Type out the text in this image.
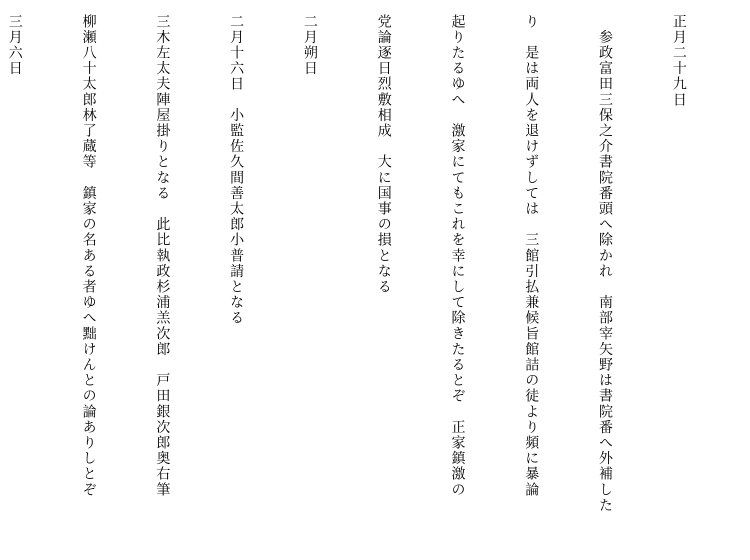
正月二十九日

　参政富田三保之介書院番頭へ除かれ　南部宰矢野は書院番へ外補した

り　是は両人を退けずしては　三館引払兼候旨館詰の徒より頻に暴論

起りたるゆへ　激家にてもこれを幸にして除きたるとぞ　正家鎮激の

党論逐日烈敷相成　大に国事の損となる

二月朔日

二月十六日　小監佐久間善太郎小普請となる

三木左太夫陣屋掛りとなる　此比執政杉浦羔次郎　戸田銀次郎奥右筆

柳瀬八十太郎林了蔵等　鎮家の名ある者ゆへ黜けんとの論ありしとぞ

三月六日
